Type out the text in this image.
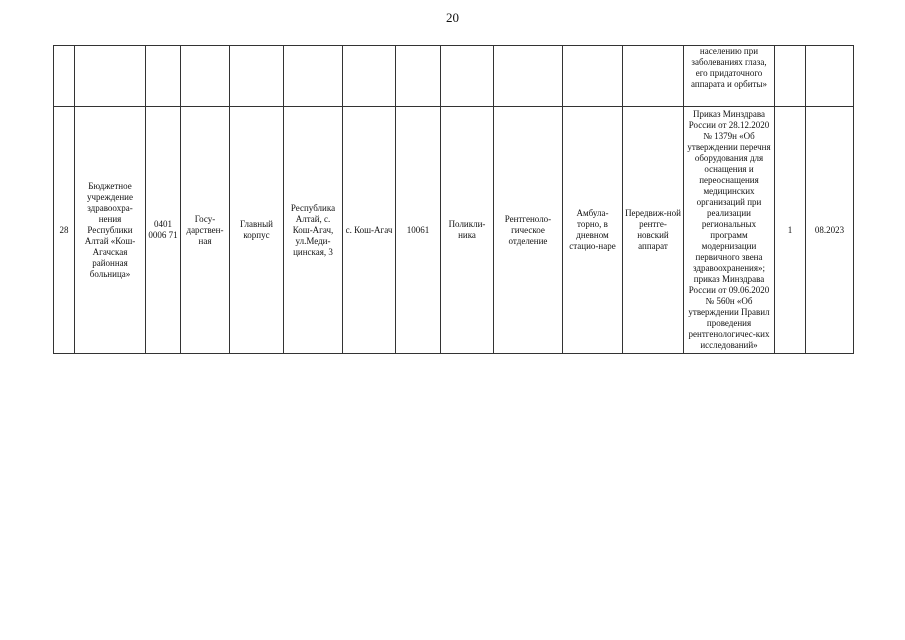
20

												населению при заболеваниях глаза, его придаточного аппарата и орбиты»		

28	Бюджетное учреждение здравоохра-нения Республики Алтай «Кош-Агачская районная больница»	0401 0006 71	Госу-дарствен-ная	Главный корпус	Республика Алтай, с. Кош-Агач, ул.Меди-цинская, 3	с. Кош-Агач	10061	Поликли-ника	Рентгеноло-гическое отделение	Амбула-торно, в дневном стацио-наре	Передвиж-ной рентге-новский аппарат	Приказ Минздрава России от 28.12.2020 № 1379н «Об утверждении перечня оборудования для оснащения и переоснащения медицинских организаций при реализации региональных программ модернизации первичного звена здравоохранения»; приказ Минздрава России от 09.06.2020 № 560н «Об утверждении Правил проведения рентгенологичес-ких исследований»	1	08.2023
